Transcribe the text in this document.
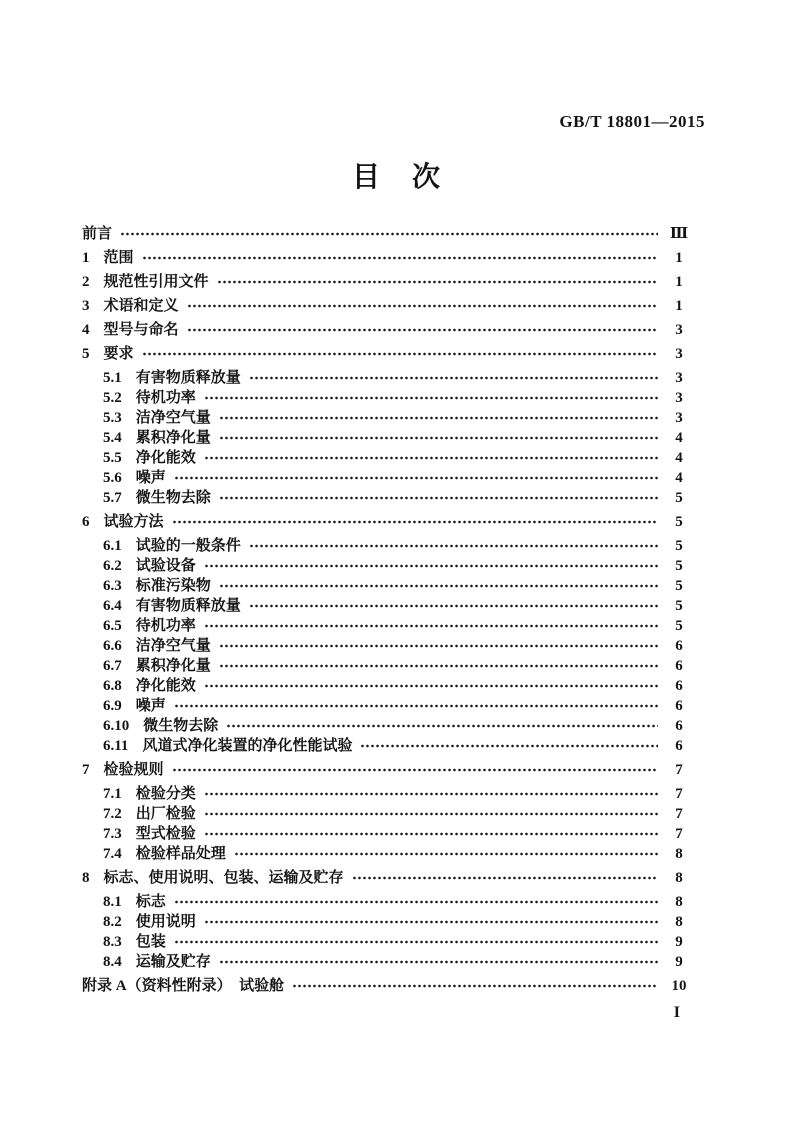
GB/T 18801—2015
目　次
前言	Ⅲ
1 范围	1
2 规范性引用文件	1
3 术语和定义	1
4 型号与命名	3
5 要求	3
5.1 有害物质释放量	3
5.2 待机功率	3
5.3 洁净空气量	3
5.4 累积净化量	4
5.5 净化能效	4
5.6 噪声	4
5.7 微生物去除	5
6 试验方法	5
6.1 试验的一般条件	5
6.2 试验设备	5
6.3 标准污染物	5
6.4 有害物质释放量	5
6.5 待机功率	5
6.6 洁净空气量	6
6.7 累积净化量	6
6.8 净化能效	6
6.9 噪声	6
6.10 微生物去除	6
6.11 风道式净化装置的净化性能试验	6
7 检验规则	7
7.1 检验分类	7
7.2 出厂检验	7
7.3 型式检验	7
7.4 检验样品处理	8
8 标志、使用说明、包装、运输及贮存	8
8.1 标志	8
8.2 使用说明	8
8.3 包装	9
8.4 运输及贮存	9
附录 A（资料性附录）　试验舱	10
I
